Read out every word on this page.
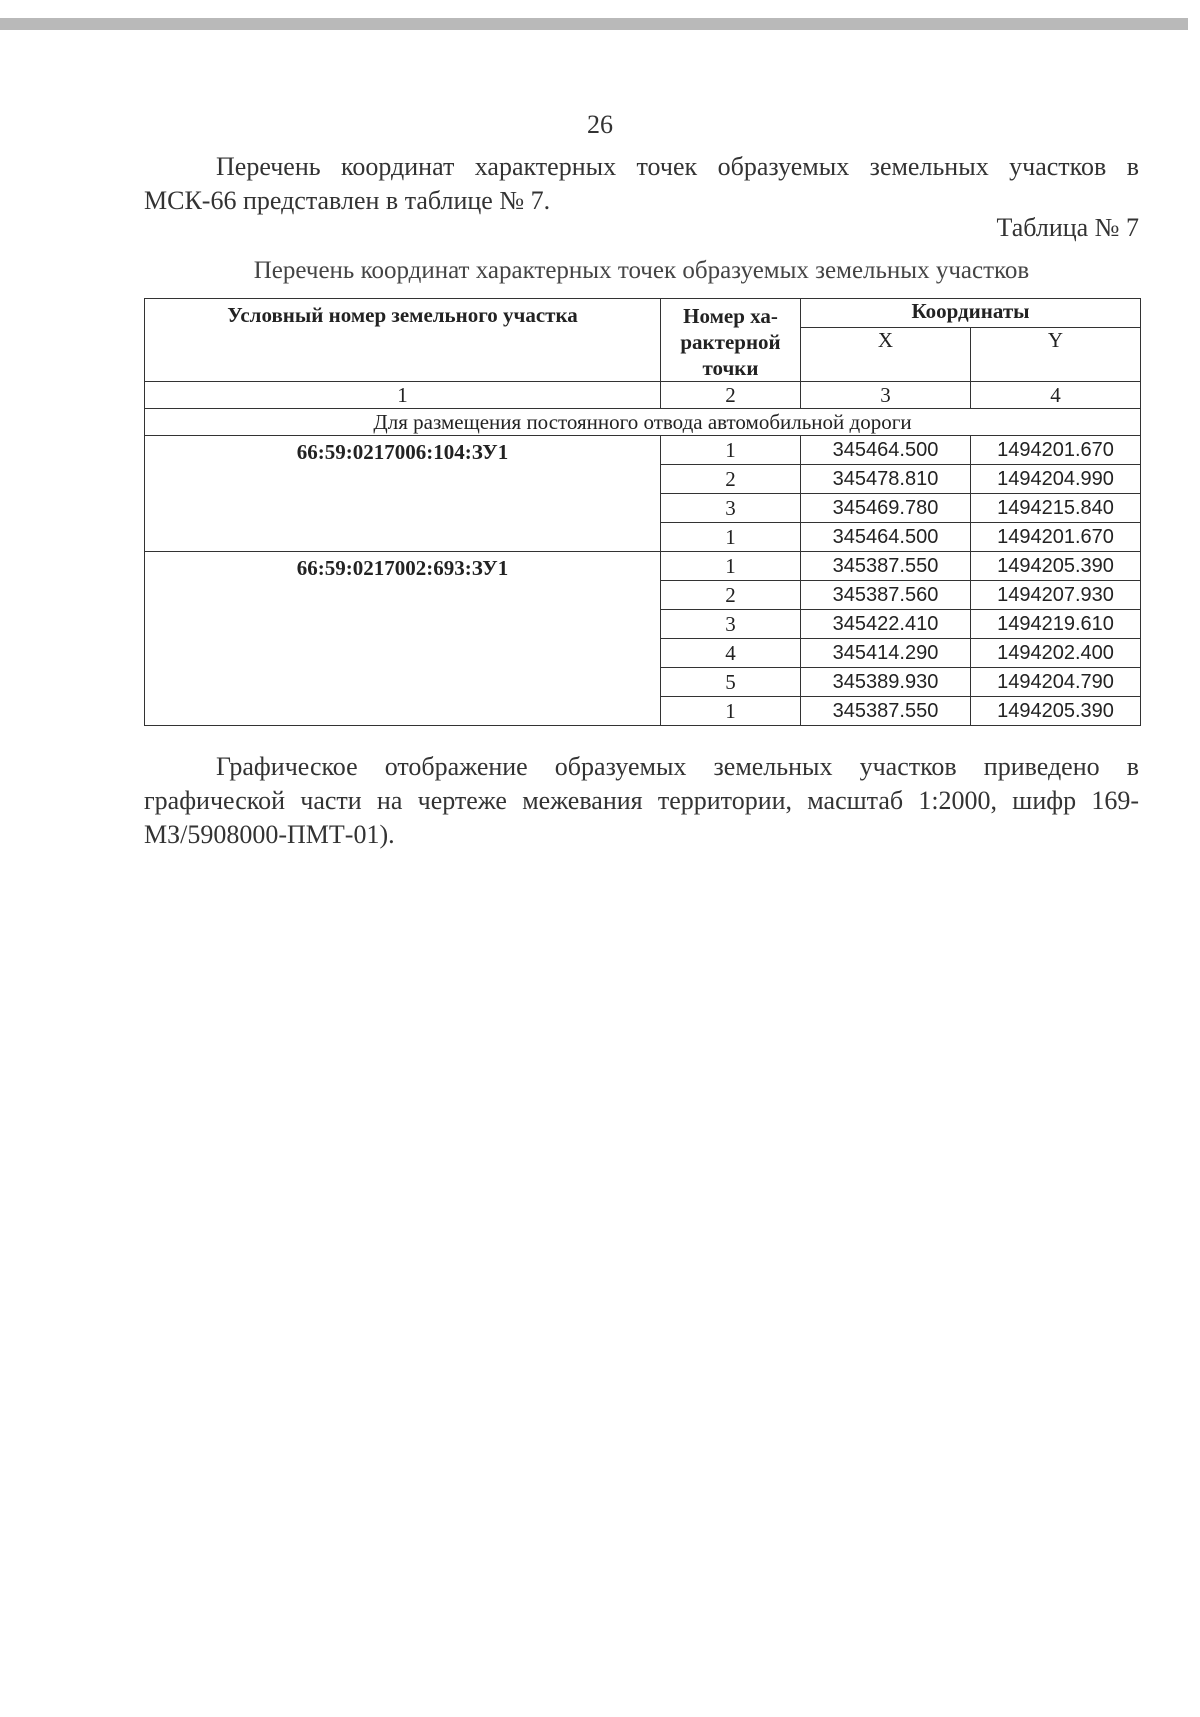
26
Перечень координат характерных точек образуемых земельных участков в МСК-66 представлен в таблице № 7.
Таблица № 7
Перечень координат характерных точек образуемых земельных участков
Условный номер земельного участка	Номер ха-рактерной точки	Координаты	
		X	Y
1	2	3	4
Для размещения постоянного отвода автомобильной дороги			
66:59:0217006:104:ЗУ1	1	345464.500	1494201.670
	2	345478.810	1494204.990
	3	345469.780	1494215.840
	1	345464.500	1494201.670
66:59:0217002:693:ЗУ1	1	345387.550	1494205.390
	2	345387.560	1494207.930
	3	345422.410	1494219.610
	4	345414.290	1494202.400
	5	345389.930	1494204.790
	1	345387.550	1494205.390
Графическое отображение образуемых земельных участков приведено в графической части на чертеже межевания территории, масштаб 1:2000, шифр 169-МЗ/5908000-ПМТ-01).
